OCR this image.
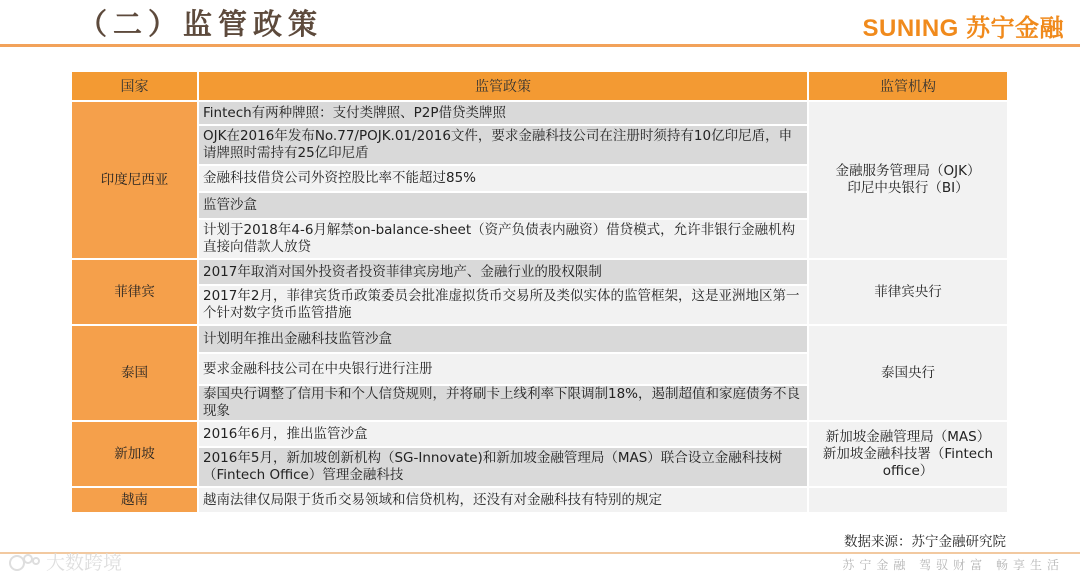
（二）监管政策	SUNING 苏宁金融
国家	监管政策	监管机构
印度尼西亚	Fintech有两种牌照：支付类牌照、P2P借贷类牌照	金融服务管理局（OJK）
印尼中央银行（BI）

	OJK在2016年发布No.77/POJK.01/2016文件，要求金融科技公司在注册时须持有10亿印尼盾，申请牌照时需持有25亿印尼盾	
	金融科技借贷公司外资控股比率不能超过85%	
	监管沙盒	
	计划于2018年4-6月解禁on-balance-sheet（资产负债表内融资）借贷模式，允许非银行金融机构直接向借款人放贷	
菲律宾	2017年取消对国外投资者投资菲律宾房地产、金融行业的股权限制	菲律宾央行

	2017年2月，菲律宾货币政策委员会批准虚拟货币交易所及类似实体的监管框架，这是亚洲地区第一个针对数字货币监管措施	
泰国	计划明年推出金融科技监管沙盒	泰国央行

	要求金融科技公司在中央银行进行注册	
	泰国央行调整了信用卡和个人信贷规则，并将刷卡上线利率下限调制18%，遏制超值和家庭债务不良现象	
新加坡	2016年6月，推出监管沙盒	新加坡金融管理局（MAS）
新加坡金融科技署（Fintech office）

	2016年5月，新加坡创新机构（SG-Innovate)和新加坡金融管理局（MAS）联合设立金融科技树（Fintech Office）管理金融科技	
越南	越南法律仅局限于货币交易领域和信贷机构，还没有对金融科技有特别的规定	
数据来源：苏宁金融研究院
大数跨境	苏宁金融 驾驭财富 畅享生活
